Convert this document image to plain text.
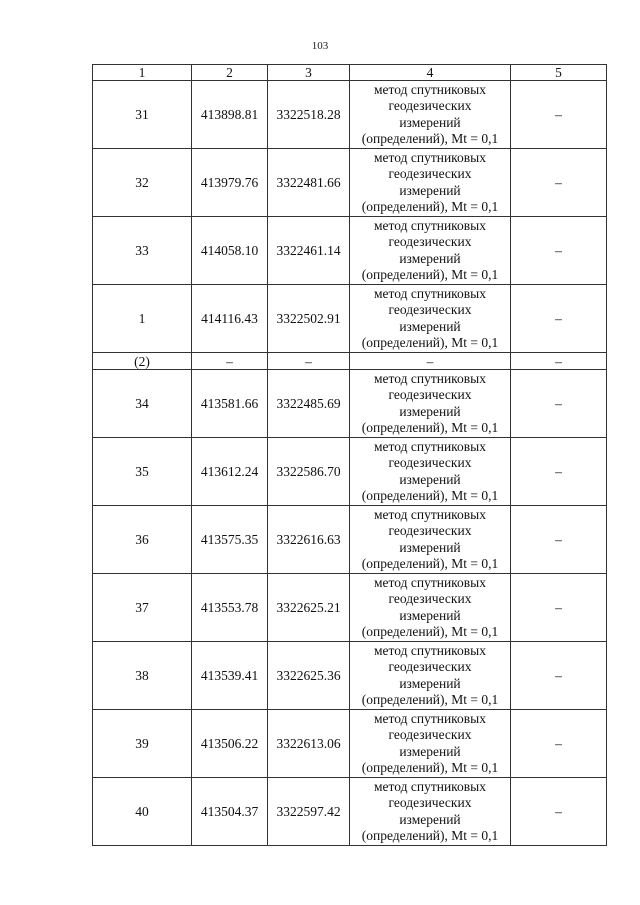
103
1	2	3	4	5
31	413898.81	3322518.28	метод спутниковых
геодезических
измерений
(определений), Mt = 0,1	–
32	413979.76	3322481.66	метод спутниковых
геодезических
измерений
(определений), Mt = 0,1	–
33	414058.10	3322461.14	метод спутниковых
геодезических
измерений
(определений), Mt = 0,1	–
1	414116.43	3322502.91	метод спутниковых
геодезических
измерений
(определений), Mt = 0,1	–
(2)	–	–	–	–
34	413581.66	3322485.69	метод спутниковых
геодезических
измерений
(определений), Mt = 0,1	–
35	413612.24	3322586.70	метод спутниковых
геодезических
измерений
(определений), Mt = 0,1	–
36	413575.35	3322616.63	метод спутниковых
геодезических
измерений
(определений), Mt = 0,1	–
37	413553.78	3322625.21	метод спутниковых
геодезических
измерений
(определений), Mt = 0,1	–
38	413539.41	3322625.36	метод спутниковых
геодезических
измерений
(определений), Mt = 0,1	–
39	413506.22	3322613.06	метод спутниковых
геодезических
измерений
(определений), Mt = 0,1	–
40	413504.37	3322597.42	метод спутниковых
геодезических
измерений
(определений), Mt = 0,1	–
